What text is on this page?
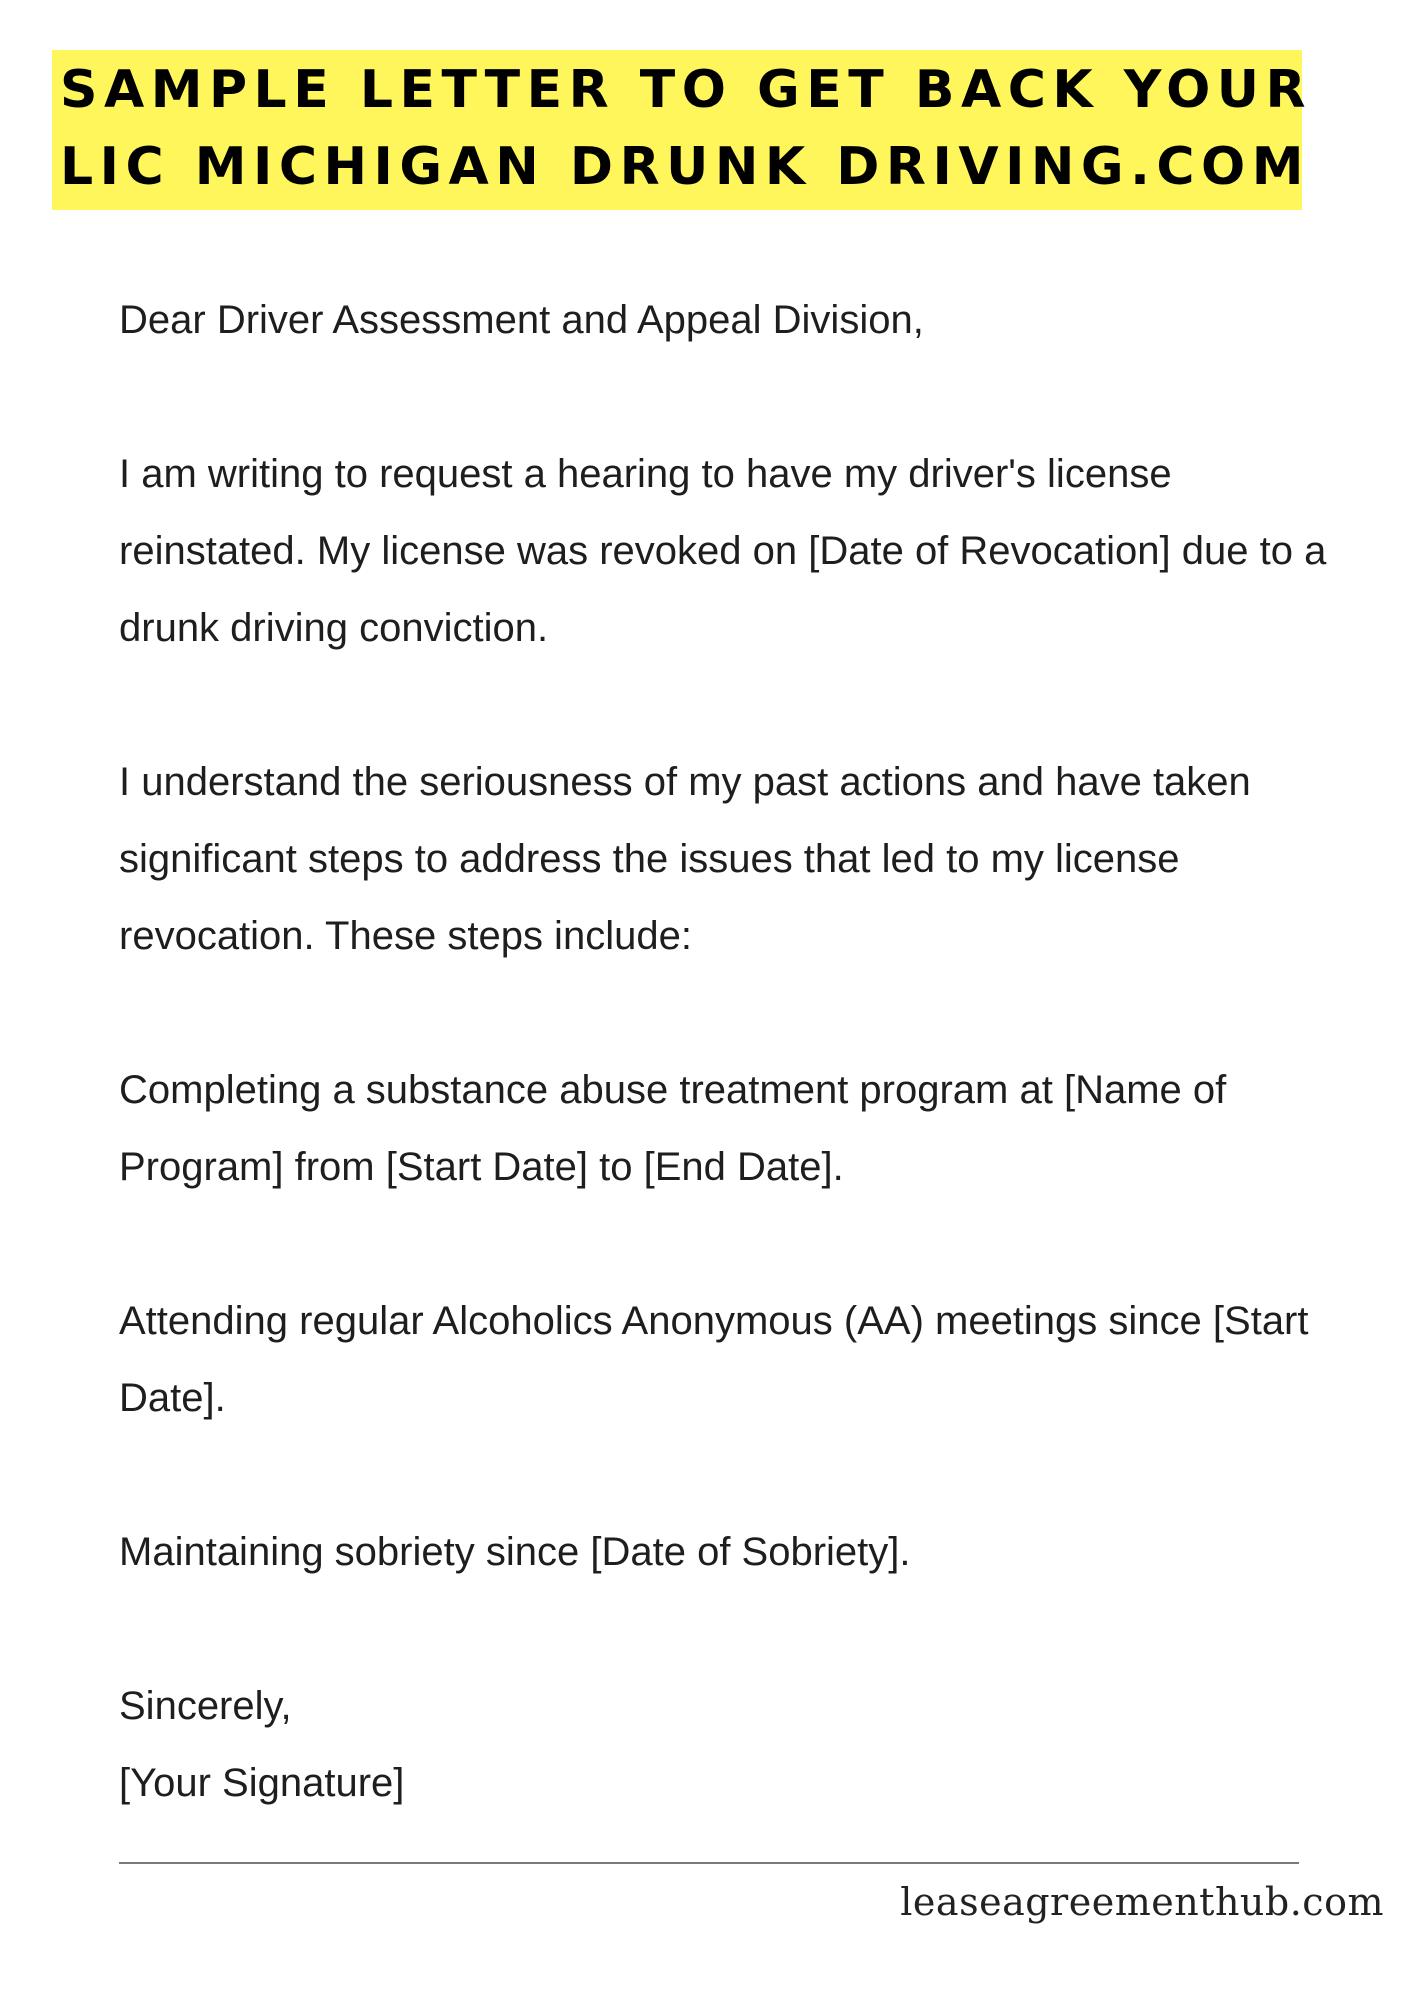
SAMPLE LETTER TO GET BACK YOUR
LIC MICHIGAN DRUNK DRIVING.COM

Dear Driver Assessment and Appeal Division,

I am writing to request a hearing to have my driver's license reinstated. My license was revoked on [Date of Revocation] due to a drunk driving conviction.

I understand the seriousness of my past actions and have taken significant steps to address the issues that led to my license revocation. These steps include:

Completing a substance abuse treatment program at [Name of Program] from [Start Date] to [End Date].

Attending regular Alcoholics Anonymous (AA) meetings since [Start Date].

Maintaining sobriety since [Date of Sobriety].

Sincerely,
[Your Signature]
leaseagreementhub.com
